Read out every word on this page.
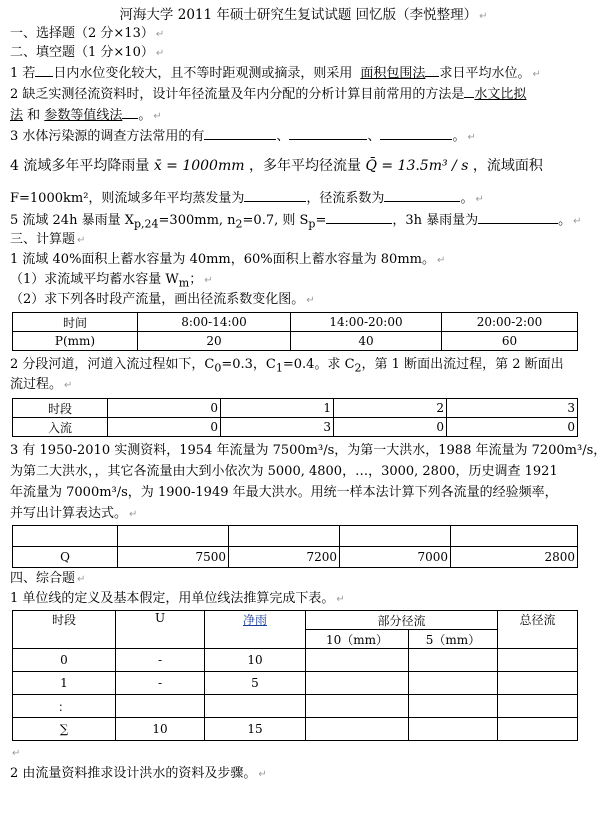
河海大学 2011 年硕士研究生复试试题 回忆版（李悦整理） ↵
一、选择题（2 分×13） ↵
二、填空题（1 分×10） ↵
1 若 日内水位变化较大，且不等时距观测或摘录，则采用 面积包围法 求日平均水位。 ↵
2 缺乏实测径流资料时，设计年径流量及年内分配的分析计算目前常用的方法是 水文比拟
法 和 参数等值线法 。 ↵
3 水体污染源的调查方法常用的有	、	、	。 ↵
4 流域多年平均降雨量 x̄ = 1000mm ，多年平均径流量 Q̄ = 13.5m³ / s ，流域面积
F=1000km²，则流域多年平均蒸发量为	，径流系数为	。 ↵
5 流域 24h 暴雨量 $X_{p,24}=300mm$, $n_2=0.7$, 则 $S_p=$	，3h 暴雨量为	。 ↵
三、计算题 ↵
1 流域 40%面积上蓄水容量为 40mm，60%面积上蓄水容量为 80mm。 ↵
（1）求流域平均蓄水容量 $W_m$； ↵
（2）求下列各时段产流量，画出径流系数变化图。 ↵
时间	8:00-14:00	14:00-20:00	20:00-2:00
P(mm)	20	40	60
2 分段河道，河道入流过程如下，$C_0=0.3$，$C_1=0.4$。求 $C_2$，第 1 断面出流过程，第 2 断面出
流过程。 ↵
时段	0	1	2	3
入流	0	3	0	0
3 有 1950-2010 实测资料，1954 年流量为 7500m³/s，为第一大洪水，1988 年流量为 7200m³/s，
为第二大洪水，，其它各流量由大到小依次为 5000, 4800，…，3000, 2800，历史调查 1921
年流量为 7000m³/s，为 1900-1949 年最大洪水。用统一样本法计算下列各流量的经验频率，
并写出计算表达式。 ↵

Q	7500	7200	7000	2800
四、综合题 ↵
1 单位线的定义及基本假定，用单位线法推算完成下表。 ↵
时段	U	净雨	部分径流		总径流
			10（mm）	5（mm）	
0	-	10			
1	-	5			
：					
∑	10	15			
↵
2 由流量资料推求设计洪水的资料及步骤。 ↵
